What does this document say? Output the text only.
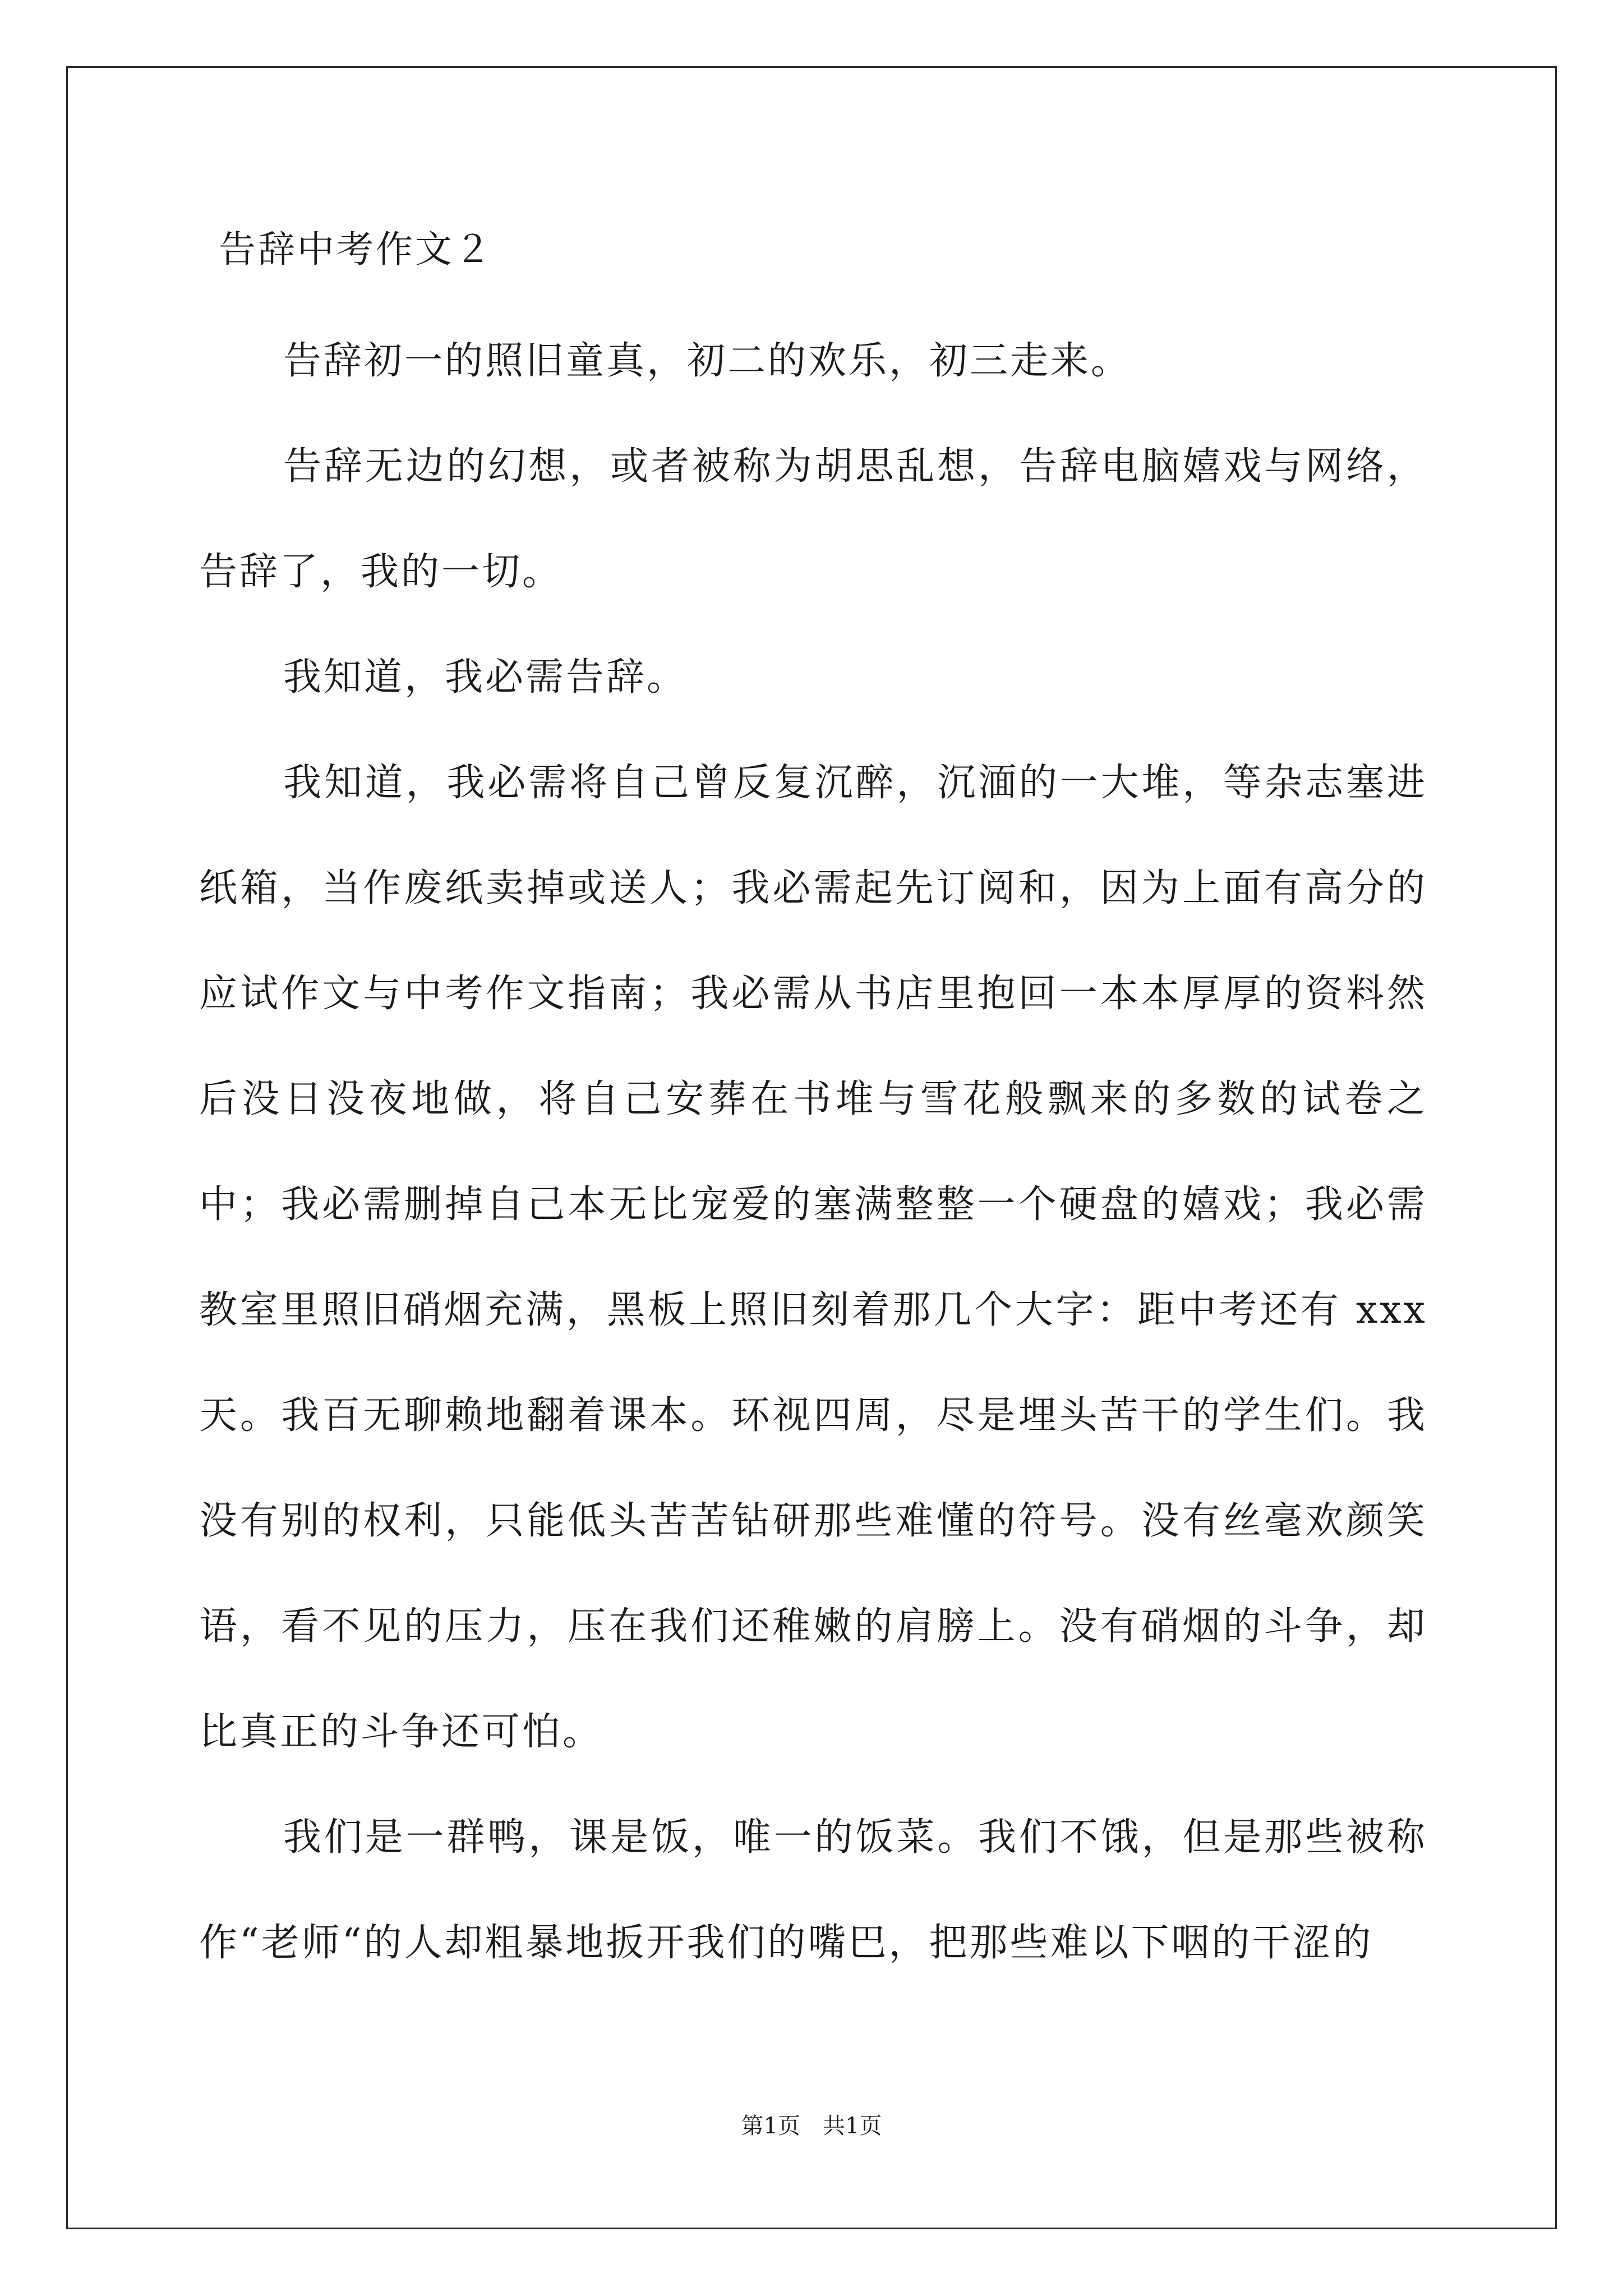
告辞中考作文２

告辞初一的照旧童真，初二的欢乐，初三走来。

告辞无边的幻想，或者被称为胡思乱想，告辞电脑嬉戏与网络，告辞了，我的一切。

我知道，我必需告辞。

我知道，我必需将自己曾反复沉醉，沉湎的一大堆，等杂志塞进纸箱，当作废纸卖掉或送人；我必需起先订阅和，因为上面有高分的应试作文与中考作文指南；我必需从书店里抱回一本本厚厚的资料然后没日没夜地做，将自己安葬在书堆与雪花般飘来的多数的试卷之中；我必需删掉自己本无比宠爱的塞满整整一个硬盘的嬉戏；我必需教室里照旧硝烟充满，黑板上照旧刻着那几个大字：距中考还有 xxx 天。我百无聊赖地翻着课本。环视四周，尽是埋头苦干的学生们。我没有别的权利，只能低头苦苦钻研那些难懂的符号。没有丝毫欢颜笑语，看不见的压力，压在我们还稚嫩的肩膀上。没有硝烟的斗争，却比真正的斗争还可怕。

我们是一群鸭，课是饭，唯一的饭菜。我们不饿，但是那些被称作“老师“的人却粗暴地扳开我们的嘴巴，把那些难以下咽的干涩的

第1页 共1页
